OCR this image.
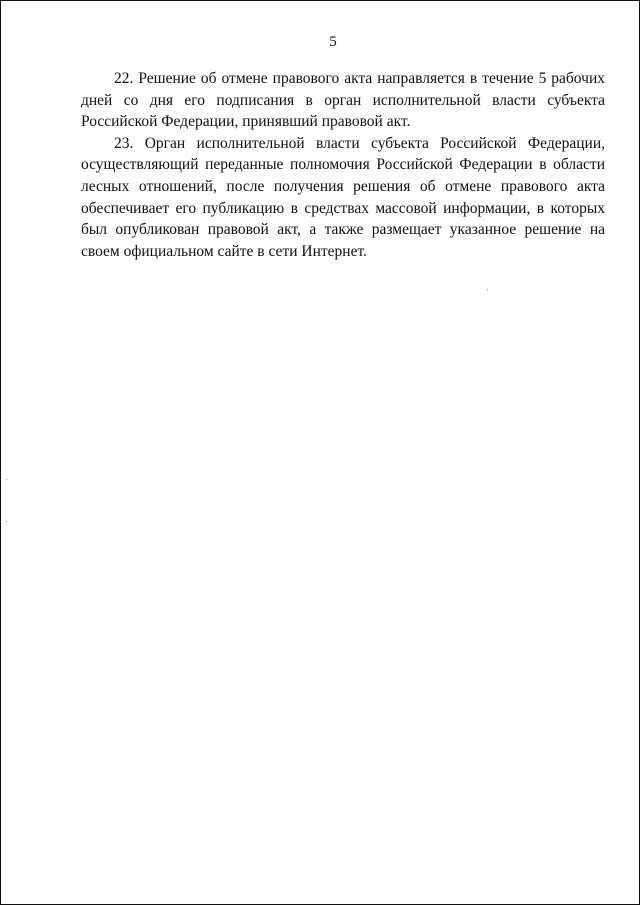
5

22. Решение об отмене правового акта направляется в течение 5 рабочих дней со дня его подписания в орган исполнительной власти субъекта Российской Федерации, принявший правовой акт.

23. Орган исполнительной власти субъекта Российской Федерации, осуществляющий переданные полномочия Российской Федерации в области лесных отношений, после получения решения об отмене правового акта обеспечивает его публикацию в средствах массовой информации, в которых был опубликован правовой акт, а также размещает указанное решение на своем официальном сайте в сети Интернет.
